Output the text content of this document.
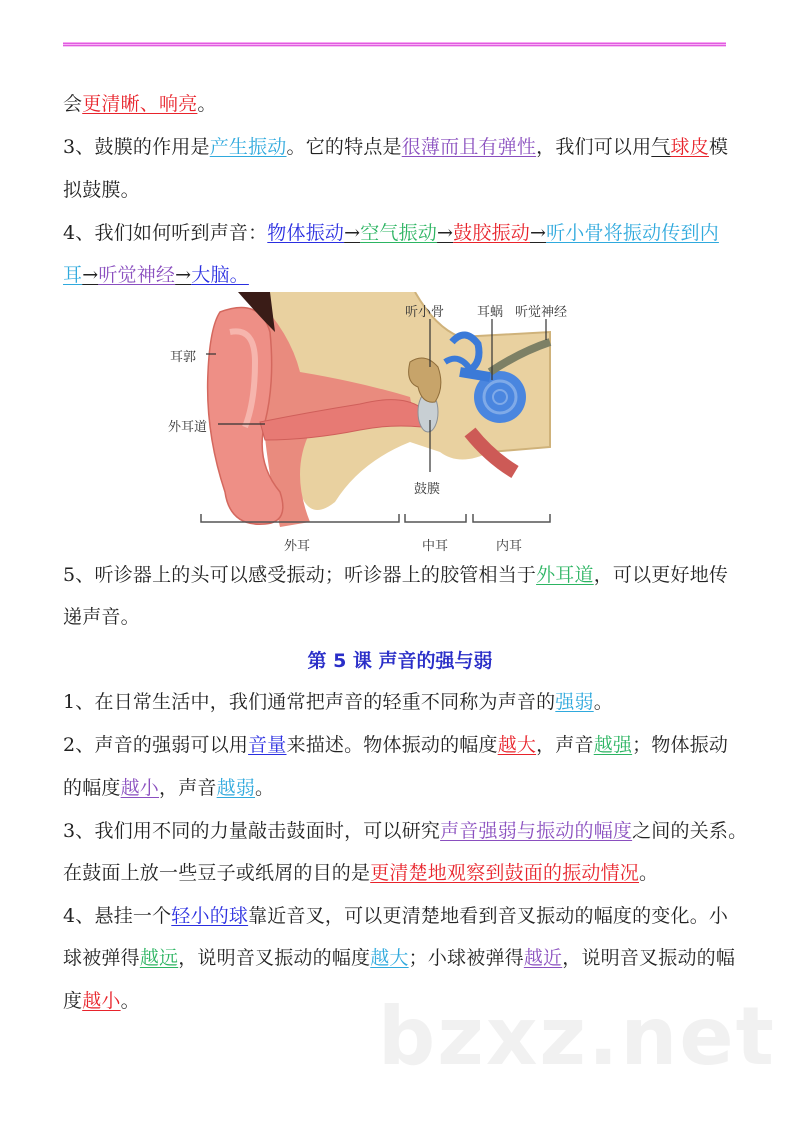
会更清晰、响亮。
3、鼓膜的作用是产生振动。它的特点是很薄而且有弹性，我们可以用气球皮模
拟鼓膜。
4、我们如何听到声音：物体振动→空气振动→鼓胶振动→听小骨将振动传到内
耳→听觉神经→大脑。
耳郭
外耳道
听小骨	耳蜗 听觉神经
鼓膜
外耳	中耳	内耳
5、听诊器上的头可以感受振动；听诊器上的胶管相当于外耳道，可以更好地传
递声音。
第 5 课 声音的强与弱
1、在日常生活中，我们通常把声音的轻重不同称为声音的强弱。
2、声音的强弱可以用音量来描述。物体振动的幅度越大，声音越强；物体振动
的幅度越小，声音越弱。
3、我们用不同的力量敲击鼓面时，可以研究声音强弱与振动的幅度之间的关系。
在鼓面上放一些豆子或纸屑的目的是更清楚地观察到鼓面的振动情况。
4、悬挂一个轻小的球靠近音叉，可以更清楚地看到音叉振动的幅度的变化。小
球被弹得越远，说明音叉振动的幅度越大；小球被弹得越近，说明音叉振动的幅
度越小。	bzxz.net
